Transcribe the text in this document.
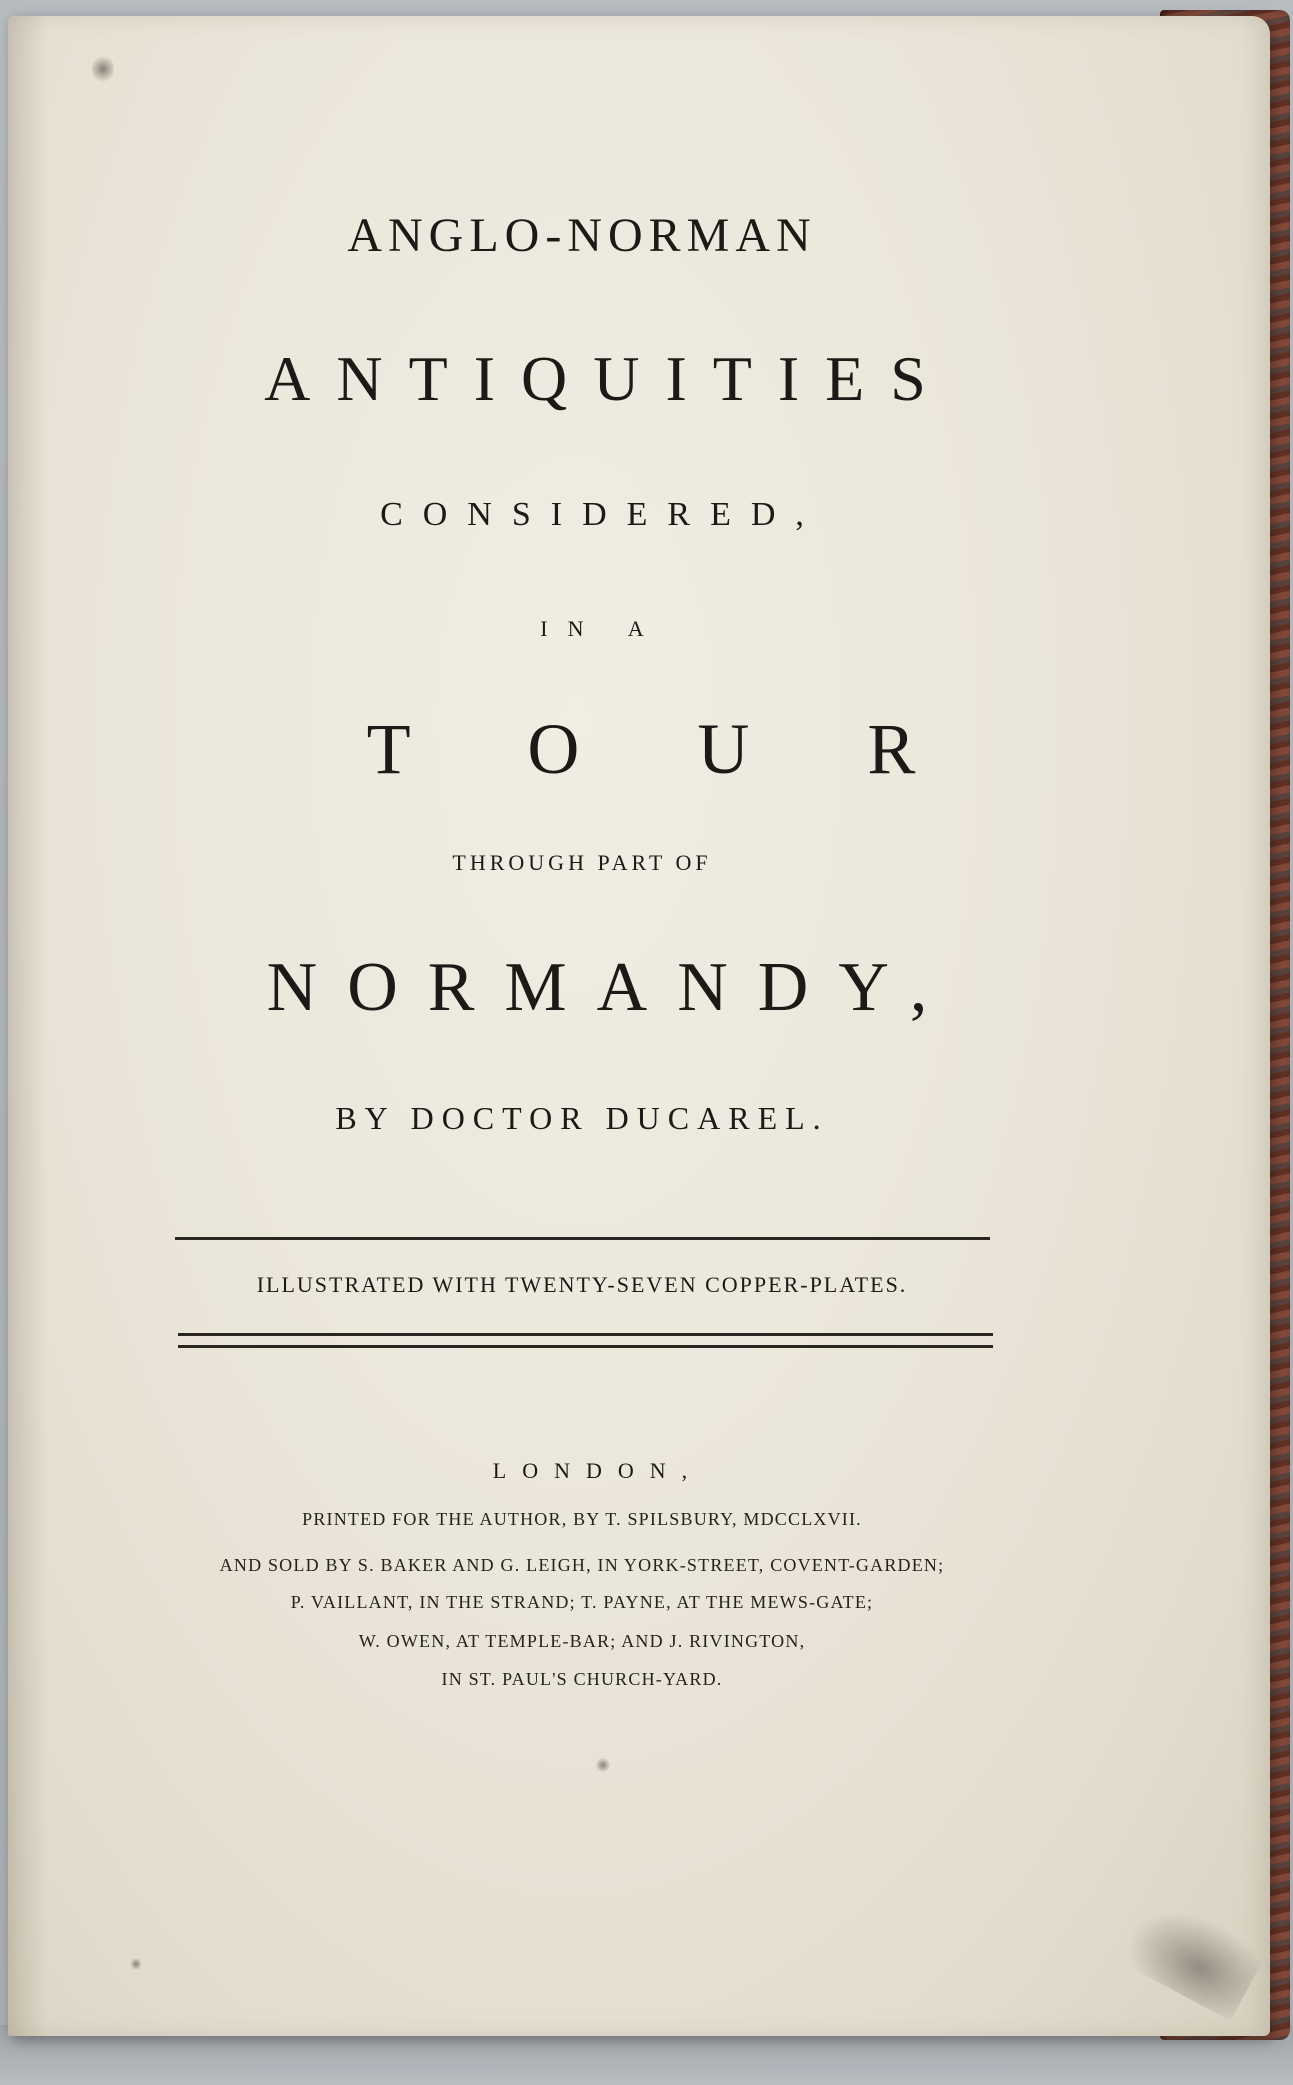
ANGLO-NORMAN
ANTIQUITIES
CONSIDERED,
IN A
TOUR
THROUGH PART OF
NORMANDY,
BY DOCTOR DUCAREL.
ILLUSTRATED WITH TWENTY-SEVEN COPPER-PLATES.
LONDON,
PRINTED FOR THE AUTHOR, BY T. SPILSBURY, MDCCLXVII.
AND SOLD BY S. BAKER AND G. LEIGH, IN YORK-STREET, COVENT-GARDEN;
P. VAILLANT, IN THE STRAND; T. PAYNE, AT THE MEWS-GATE;
W. OWEN, AT TEMPLE-BAR; AND J. RIVINGTON,
IN ST. PAUL'S CHURCH-YARD.
